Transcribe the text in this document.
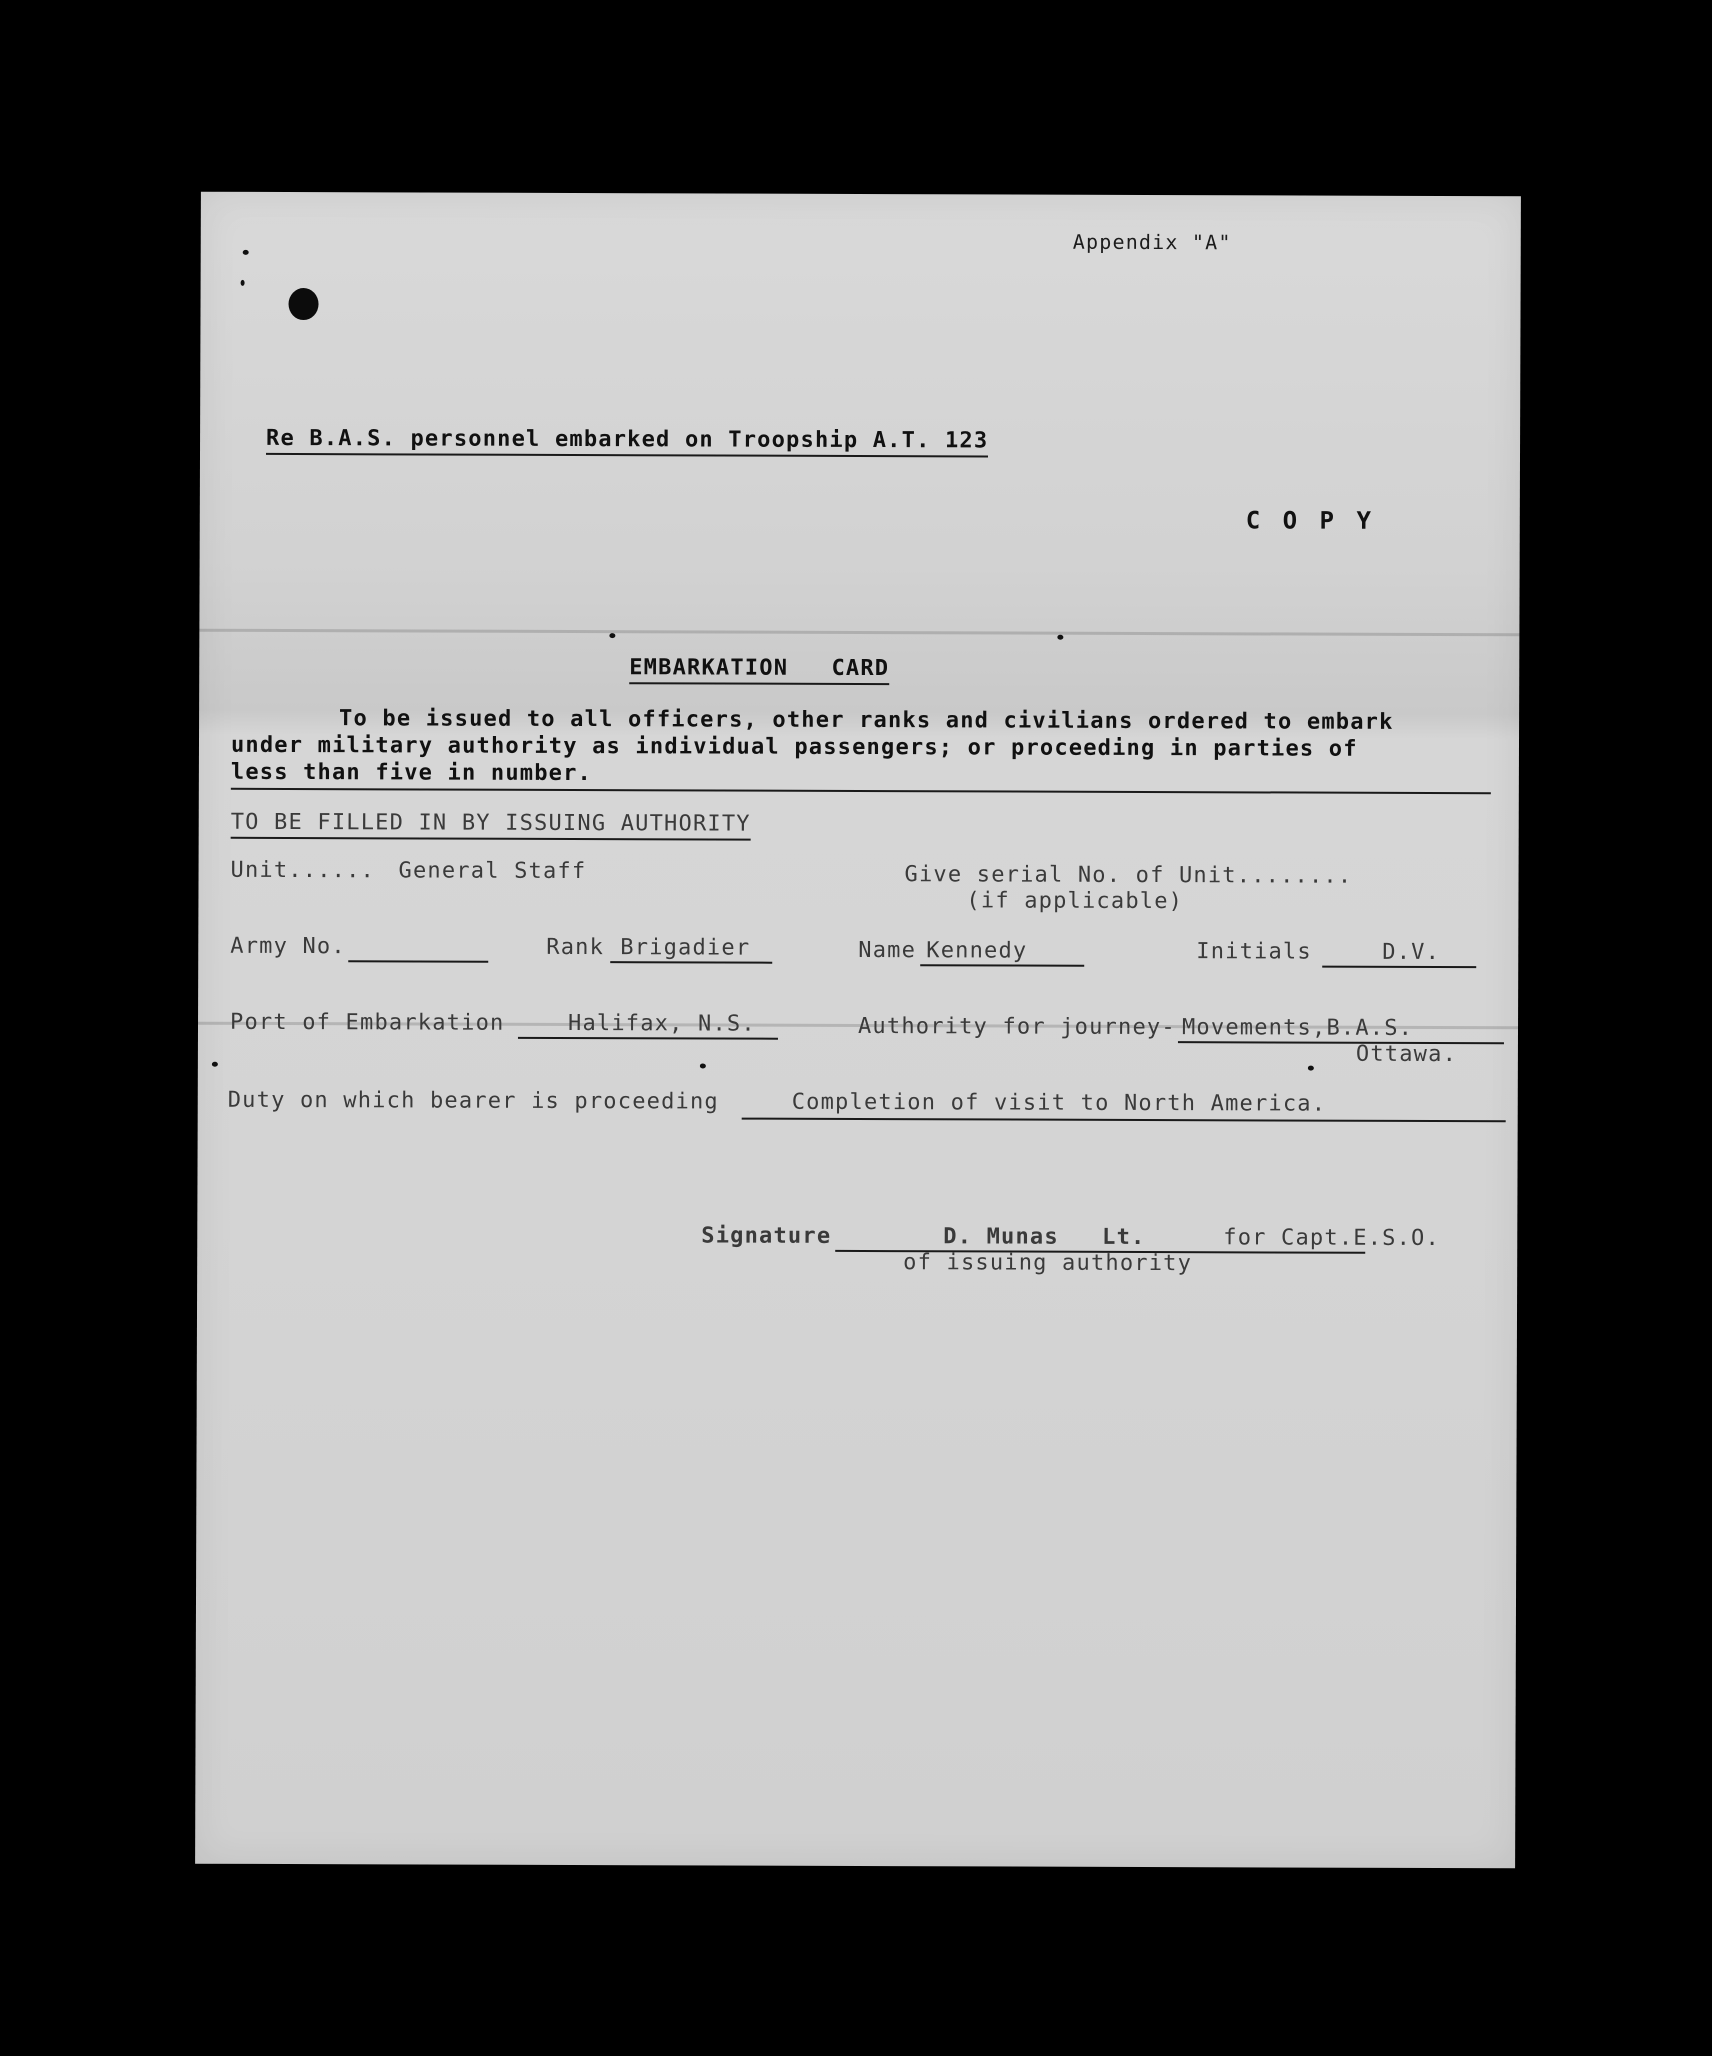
Appendix "A"
Re B.A.S. personnel embarked on Troopship A.T. 123
C O P Y
EMBARKATION   CARD
To be issued to all officers, other ranks and civilians ordered to embark
under military authority as individual passengers; or proceeding in parties of
less than five in number.
TO BE FILLED IN BY ISSUING AUTHORITY
Unit...... General Staff	Give serial No. of Unit........
(if applicable)
Army No.	Rank Brigadier	Name Kennedy	Initials	D.V.
Port of Embarkation	Halifax, N.S.	Authority for journey- Movements,B.A.S.
Ottawa.
Duty on which bearer is proceeding	Completion of visit to North America.
Signature	D. Munas   Lt.	for Capt.E.S.O.
of issuing authority
